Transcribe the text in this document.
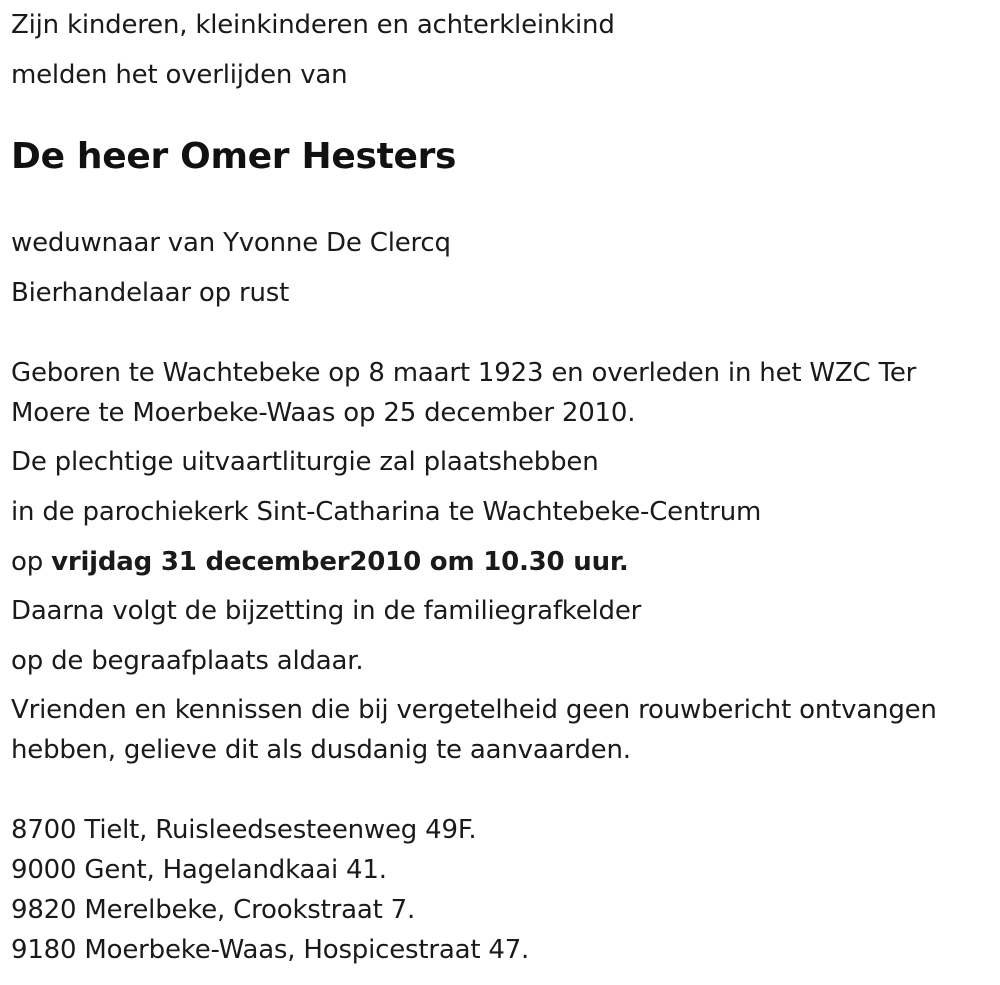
Zijn kinderen, kleinkinderen en achterkleinkind
melden het overlijden van
De heer Omer Hesters
weduwnaar van Yvonne De Clercq
Bierhandelaar op rust
Geboren te Wachtebeke op 8 maart 1923 en overleden in het WZC Ter Moere te Moerbeke-Waas op 25 december 2010.
De plechtige uitvaartliturgie zal plaatshebben
in de parochiekerk Sint-Catharina te Wachtebeke-Centrum
op vrijdag 31 december2010 om 10.30 uur.
Daarna volgt de bijzetting in de familiegrafkelder
op de begraafplaats aldaar.
Vrienden en kennissen die bij vergetelheid geen rouwbericht ontvangen hebben, gelieve dit als dusdanig te aanvaarden.
8700 Tielt, Ruisleedsesteenweg 49F.
9000 Gent, Hagelandkaai 41.
9820 Merelbeke, Crookstraat 7.
9180 Moerbeke-Waas, Hospicestraat 47.
